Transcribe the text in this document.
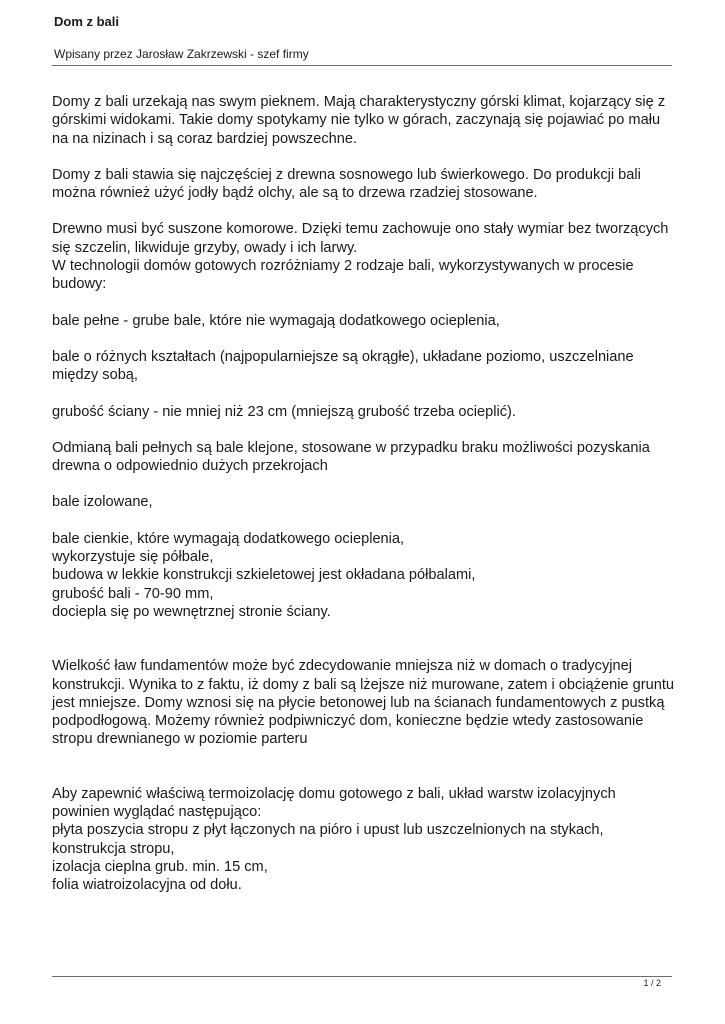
Dom z bali
Wpisany przez Jarosław Zakrzewski - szef firmy
Domy z bali urzekają nas swym pieknem. Mają charakterystyczny górski klimat, kojarzący się z górskimi widokami. Takie domy spotykamy nie tylko w górach, zaczynają się pojawiać po mału na na nizinach i są coraz bardziej powszechne.
Domy z bali stawia się najczęściej z drewna sosnowego lub świerkowego. Do produkcji bali można również użyć jodły bądź olchy, ale są to drzewa rzadziej stosowane.
Drewno musi być suszone komorowe. Dzięki temu zachowuje ono stały wymiar bez tworzących się szczelin, likwiduje grzyby, owady i ich larwy.
W technologii domów gotowych rozróżniamy 2 rodzaje bali, wykorzystywanych w procesie budowy:
bale pełne - grube bale, które nie wymagają dodatkowego ocieplenia,
bale o różnych kształtach (najpopularniejsze są okrągłe), układane poziomo, uszczelniane między sobą,
grubość ściany - nie mniej niż 23 cm (mniejszą grubość trzeba ocieplić).
Odmianą bali pełnych są bale klejone, stosowane w przypadku braku możliwości pozyskania drewna o odpowiednio dużych przekrojach
bale izolowane,
bale cienkie, które wymagają dodatkowego ocieplenia,
wykorzystuje się półbale,
budowa w lekkie konstrukcji szkieletowej jest okładana półbalami,
grubość bali - 70-90 mm,
docieplа się po wewnętrznej stronie ściany.
Wielkość ław fundamentów może być zdecydowanie mniejsza niż w domach o tradycyjnej konstrukcji. Wynika to z faktu, iż domy z bali są lżejsze niż murowane, zatem i obciążenie gruntu jest mniejsze. Domy wznosi się na płycie betonowej lub na ścianach fundamentowych z pustką podpodłogową. Możemy również podpiwniczyć dom, konieczne będzie wtedy zastosowanie stropu drewnianego w poziomie parteru
Aby zapewnić właściwą termoizolację domu gotowego z bali, układ warstw izolacyjnych powinien wyglądać następująco:
płyta poszycia stropu z płyt łączonych na pióro i upust lub uszczelnionych na stykach,
konstrukcja stropu,
izolacja cieplna grub. min. 15 cm,
folia wiatroizolacyjna od dołu.
1 / 2
